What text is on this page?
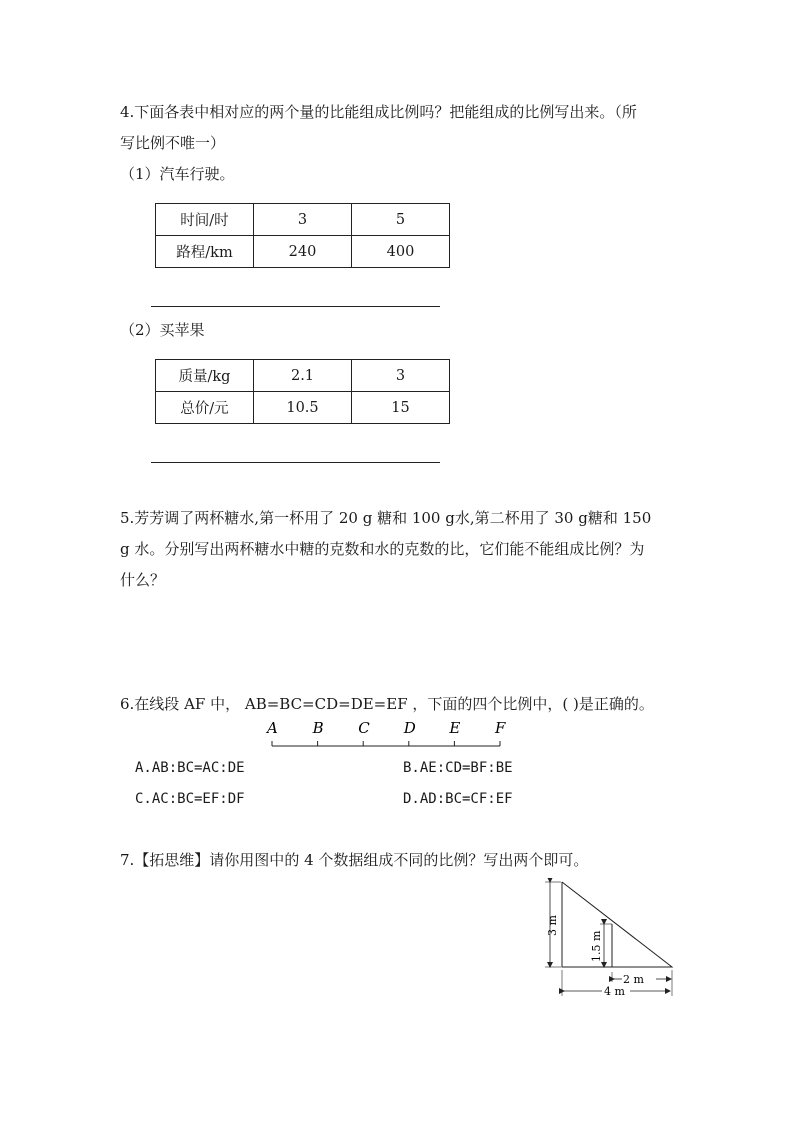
4.下面各表中相对应的两个量的比能组成比例吗？把能组成的比例写出来。（所
写比例不唯一）
（1）汽车行驶。
时间/时	3	5
路程/km	240	400
（2）买苹果
质量/kg	2.1	3
总价/元	10.5	15
5.芳芳调了两杯糖水,第一杯用了 20 g 糖和 100 g水,第二杯用了 30 g糖和 150
g 水。分别写出两杯糖水中糖的克数和水的克数的比，它们能不能组成比例？为
什么？
6.在线段 AF 中， AB=BC=CD=DE=EF ，下面的四个比例中，( )是正确的。
A B C D E F
A.AB:BC=AC:DE	B.AE:CD=BF:BE
C.AC:BC=EF:DF	D.AD:BC=CF:EF
7.【拓思维】请你用图中的 4 个数据组成不同的比例？写出两个即可。
3 m
1.5 m
2 m
4 m
